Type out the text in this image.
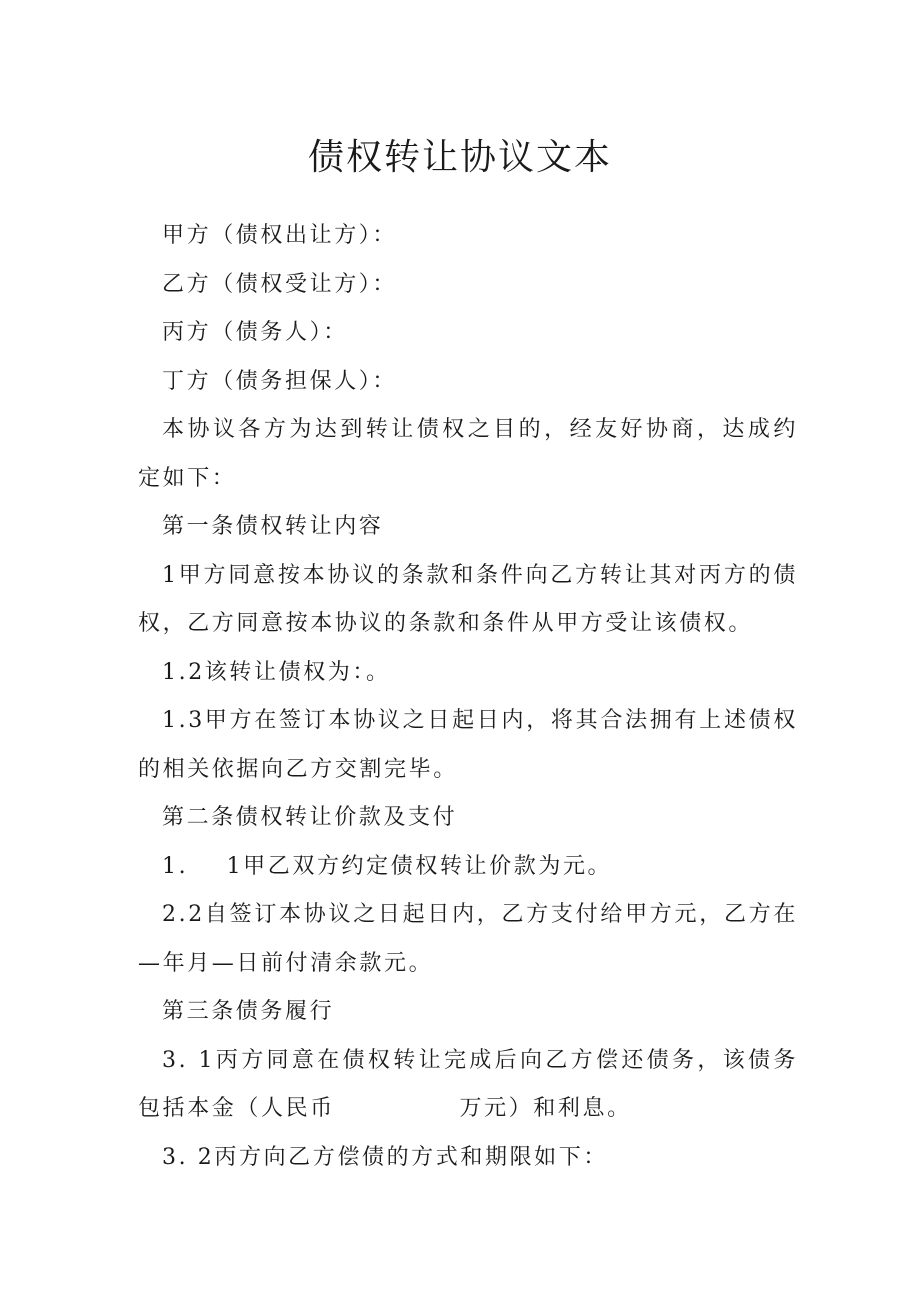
债权转让协议文本

甲方（债权出让方）：

乙方（债权受让方）：

丙方（债务人）：

丁方（债务担保人）：

本协议各方为达到转让债权之目的，经友好协商，达成约定如下：

第一条债权转让内容

1甲方同意按本协议的条款和条件向乙方转让其对丙方的债权，乙方同意按本协议的条款和条件从甲方受让该债权。

1.2该转让债权为：。

1.3甲方在签订本协议之日起日内，将其合法拥有上述债权的相关依据向乙方交割完毕。

第二条债权转让价款及支付

1.    1甲乙双方约定债权转让价款为元。

2.2自签订本协议之日起日内，乙方支付给甲方元，乙方在—年月—日前付清余款元。

第三条债务履行

3. 1丙方同意在债权转让完成后向乙方偿还债务，该债务包括本金（人民币             万元）和利息。

3. 2丙方向乙方偿债的方式和期限如下：
